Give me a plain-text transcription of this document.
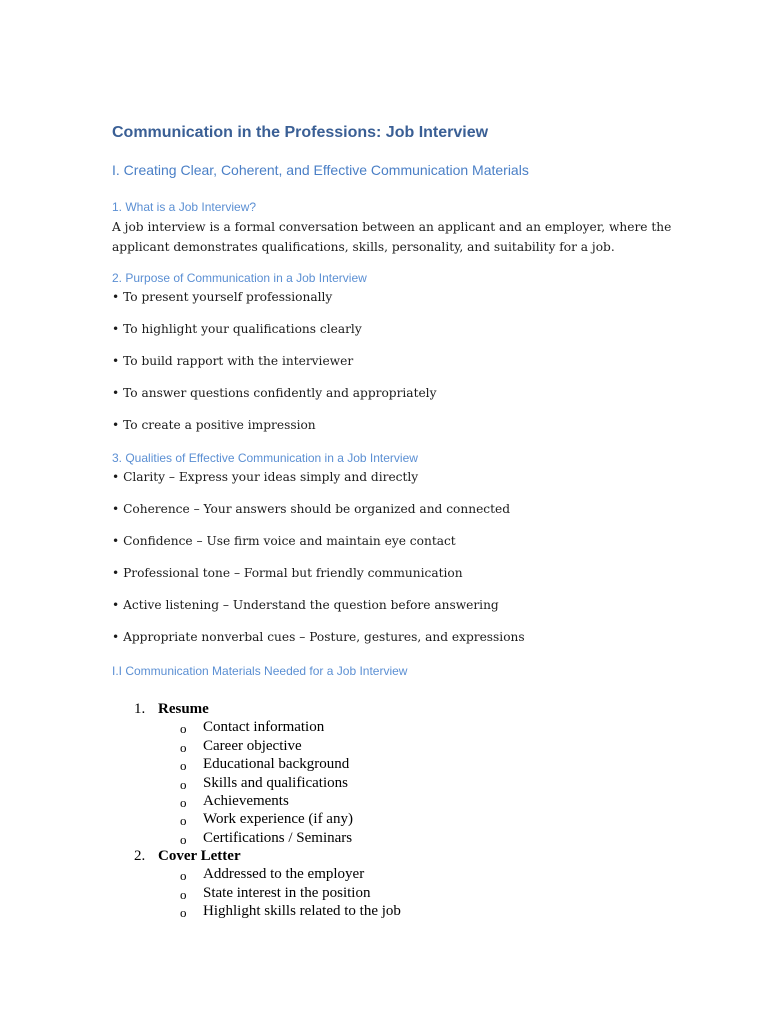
Communication in the Professions: Job Interview
I. Creating Clear, Coherent, and Effective Communication Materials
1. What is a Job Interview?
A job interview is a formal conversation between an applicant and an employer, where the applicant demonstrates qualifications, skills, personality, and suitability for a job.
2. Purpose of Communication in a Job Interview
• To present yourself professionally
• To highlight your qualifications clearly
• To build rapport with the interviewer
• To answer questions confidently and appropriately
• To create a positive impression
3. Qualities of Effective Communication in a Job Interview
• Clarity – Express your ideas simply and directly
• Coherence – Your answers should be organized and connected
• Confidence – Use firm voice and maintain eye contact
• Professional tone – Formal but friendly communication
• Active listening – Understand the question before answering
• Appropriate nonverbal cues – Posture, gestures, and expressions
I.I Communication Materials Needed for a Job Interview
1. Resume
o Contact information
o Career objective
o Educational background
o Skills and qualifications
o Achievements
o Work experience (if any)
o Certifications / Seminars
2. Cover Letter
o Addressed to the employer
o State interest in the position
o Highlight skills related to the job
